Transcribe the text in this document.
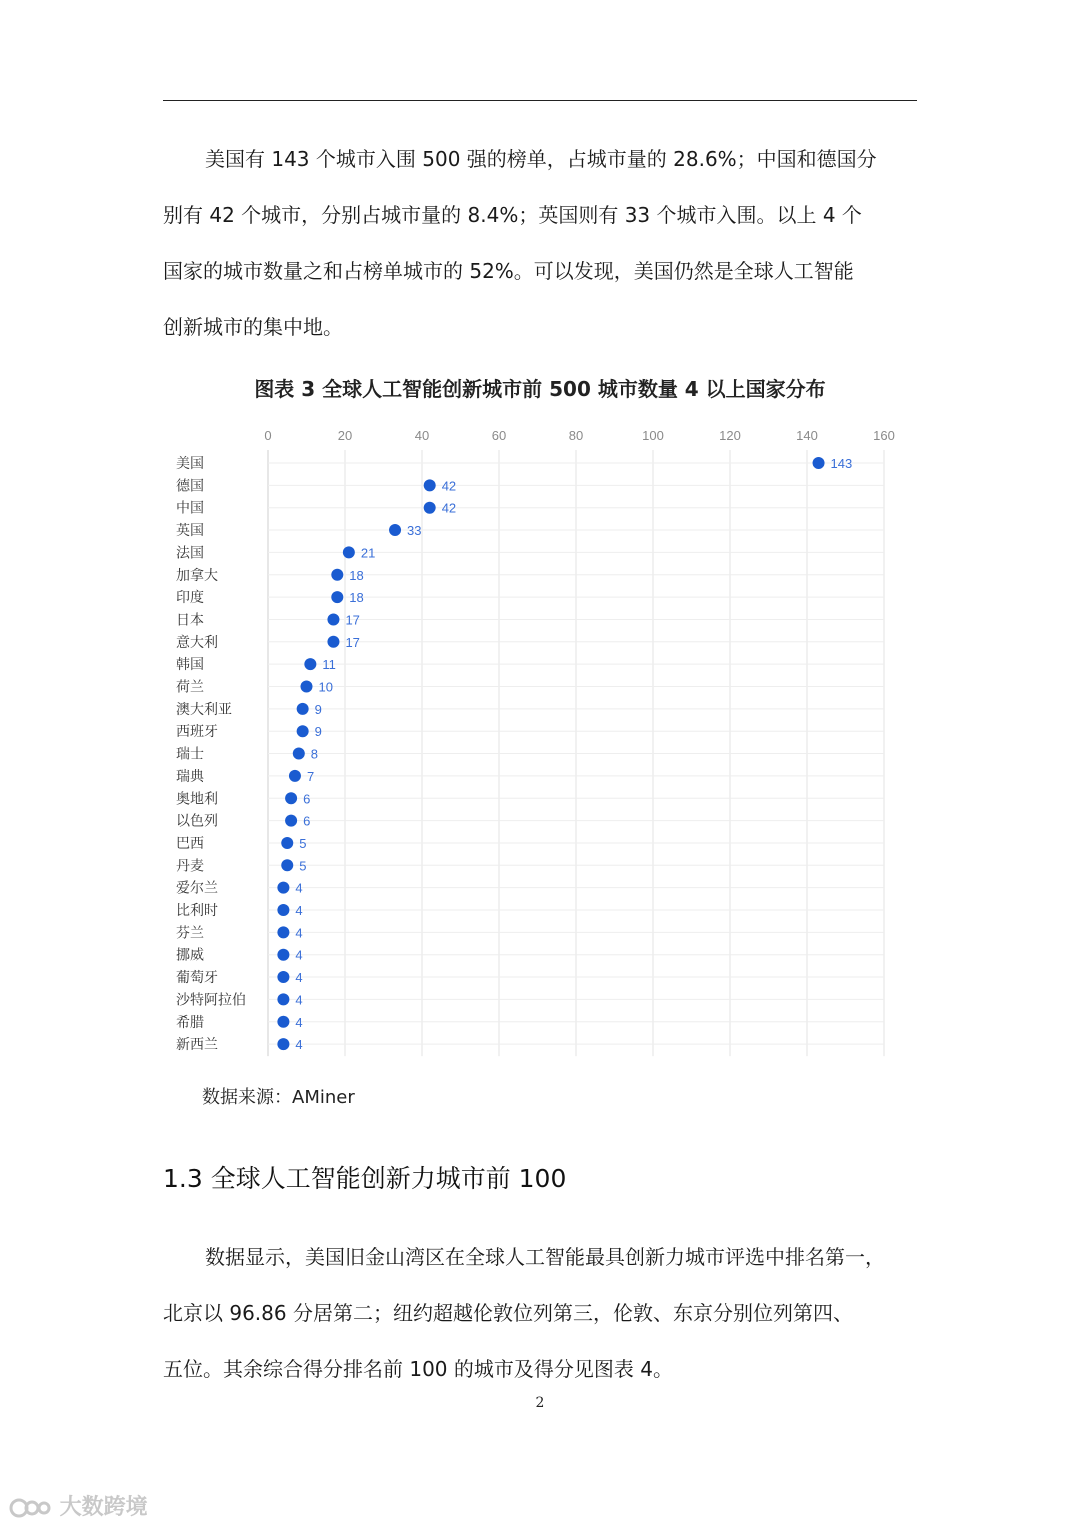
美国有 143 个城市入围 500 强的榜单，占城市量的 28.6%；中国和德国分
别有 42 个城市，分别占城市量的 8.4%；英国则有 33 个城市入围。以上 4 个
国家的城市数量之和占榜单城市的 52%。可以发现，美国仍然是全球人工智能
创新城市的集中地。
图表 3 全球人工智能创新城市前 500 城市数量 4 以上国家分布
0	20	40	60	80	100	120	140	160
美国	143
德国	42
中国	42
英国	33
法国	21
加拿大	18
印度	18
日本	17
意大利	17
韩国	11
荷兰	10
澳大利亚	9
西班牙	9
瑞士	8
瑞典	7
奥地利	6
以色列	6
巴西	5
丹麦	5
爱尔兰	4
比利时	4
芬兰	4
挪威	4
葡萄牙	4
沙特阿拉伯	4
希腊	4
新西兰	4
数据来源：AMiner
1.3 全球人工智能创新力城市前 100
数据显示，美国旧金山湾区在全球人工智能最具创新力城市评选中排名第一，
北京以 96.86 分居第二；纽约超越伦敦位列第三，伦敦、东京分别位列第四、
五位。其余综合得分排名前 100 的城市及得分见图表 4。
2
大数跨境
